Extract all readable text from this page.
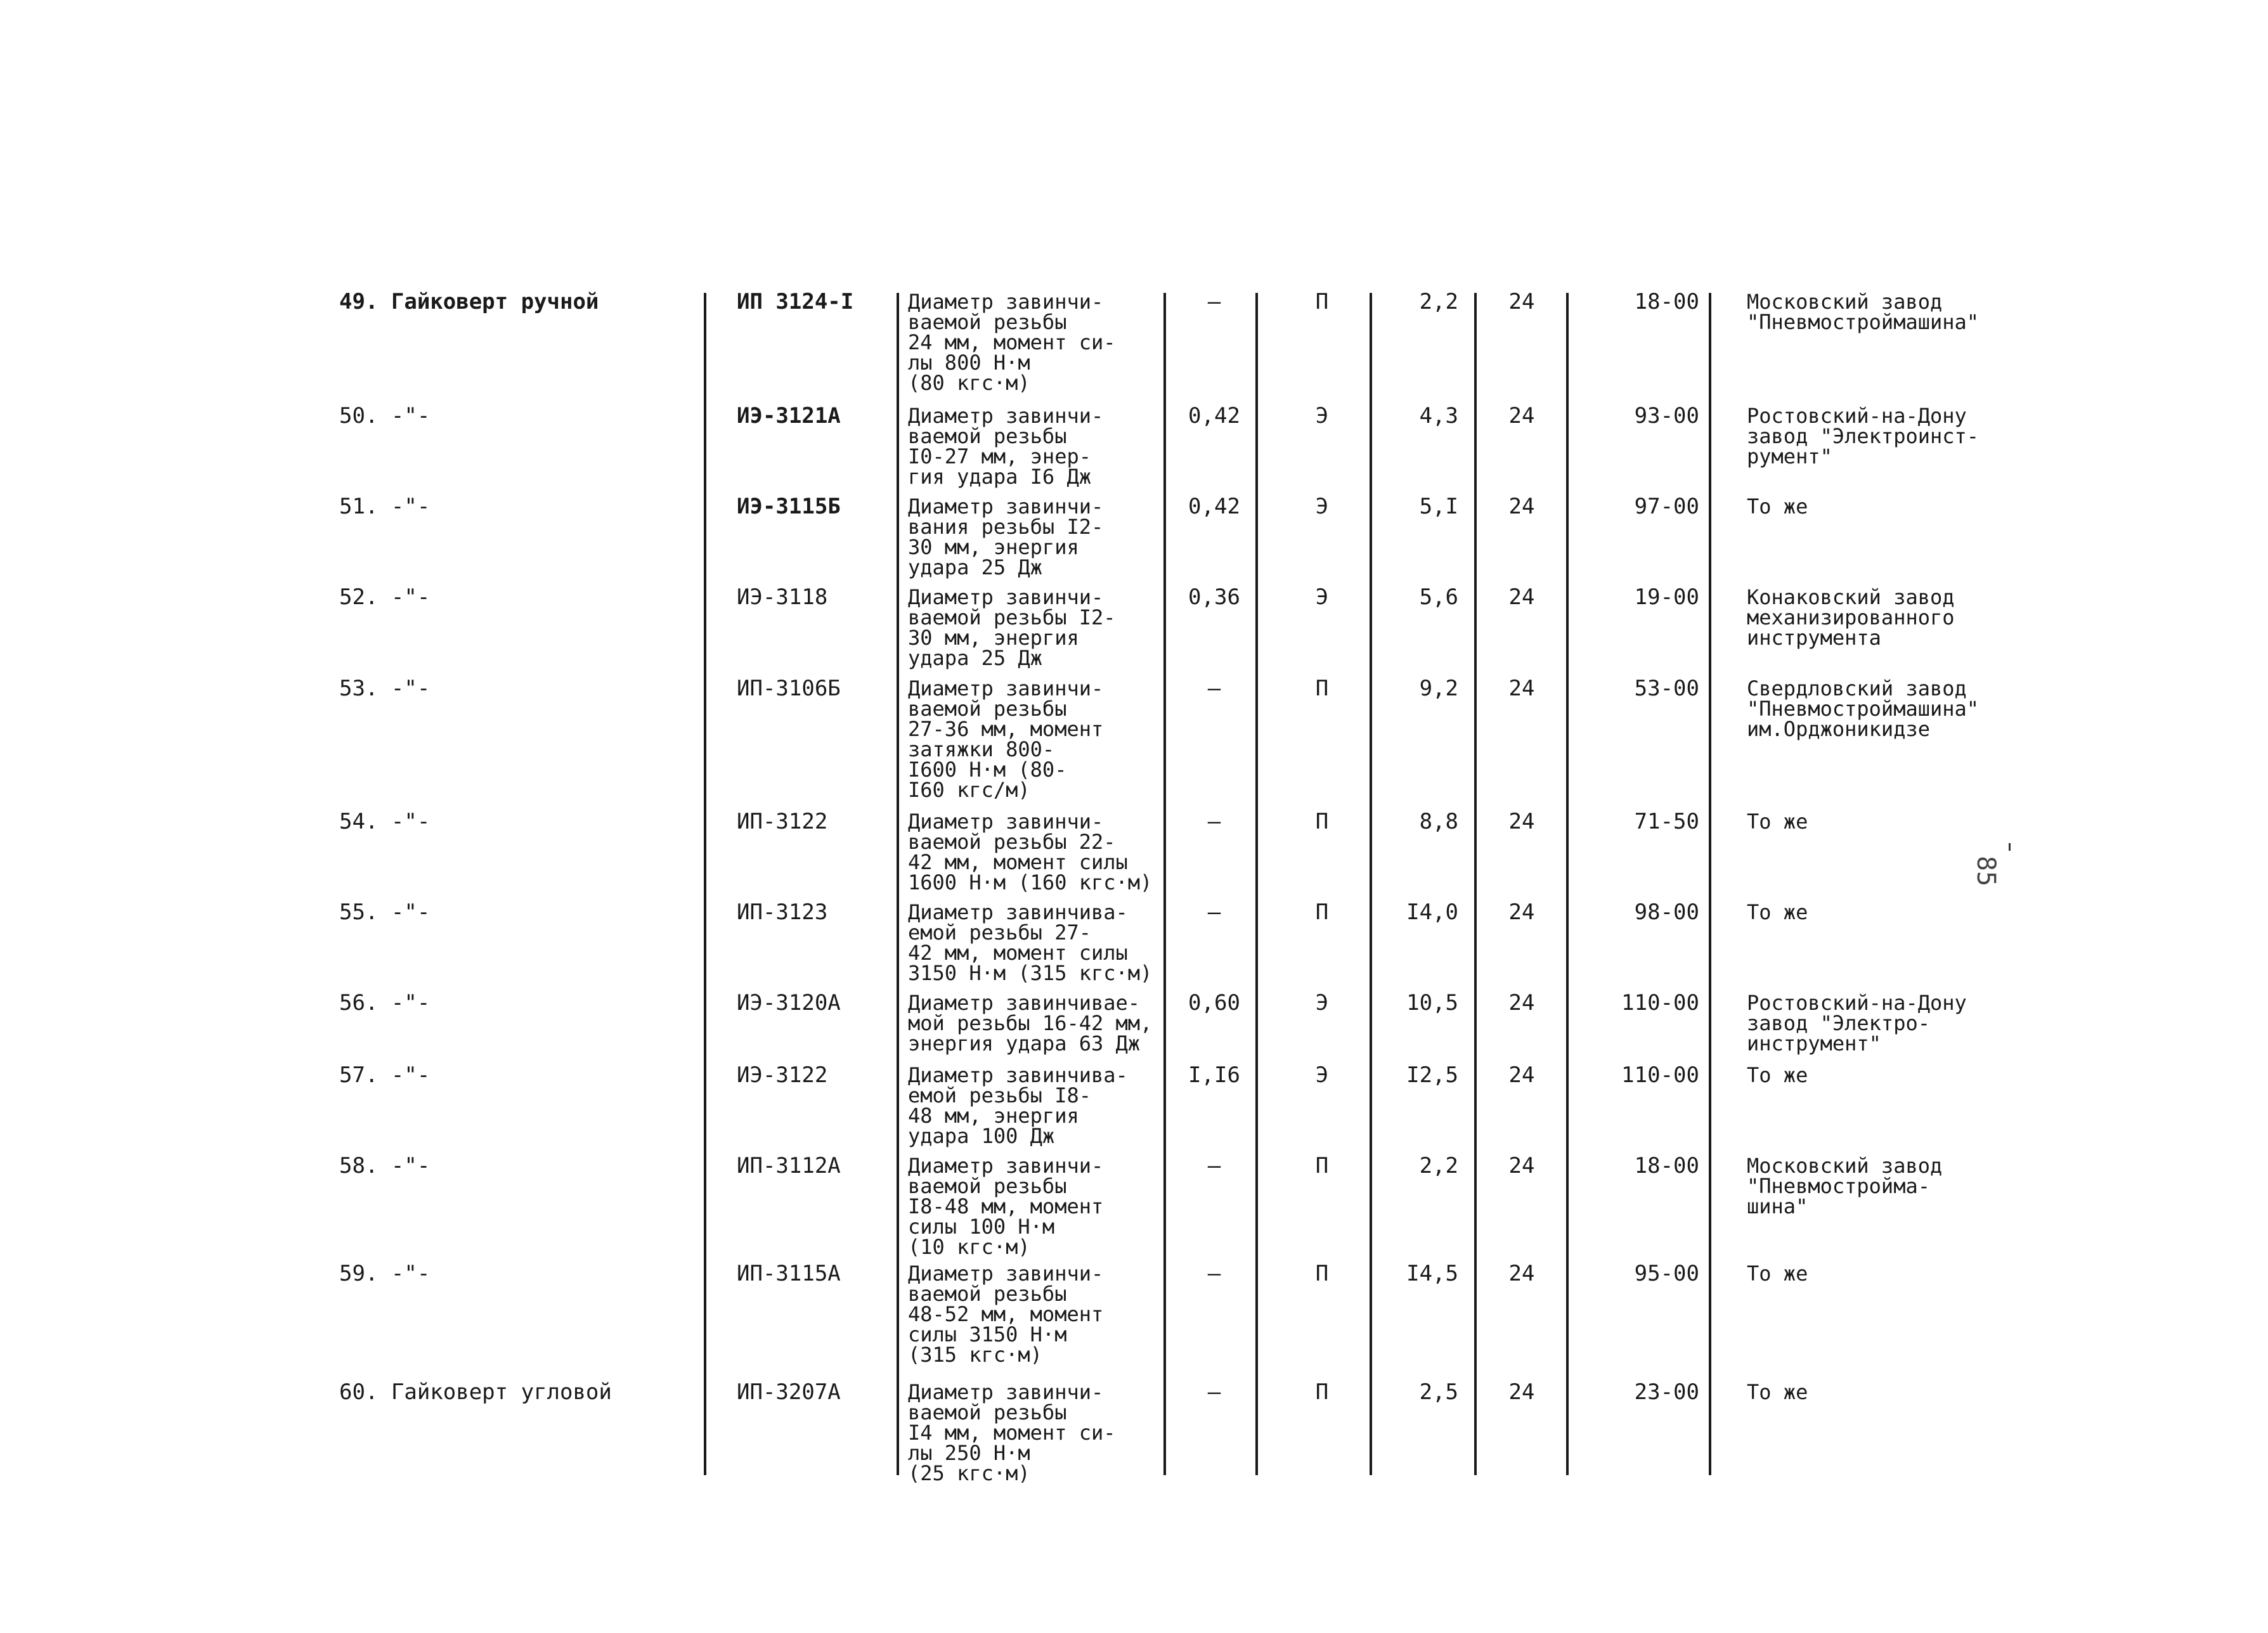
49. Гайковерт ручной	ИП 3124-I	Диаметр завинчи-
ваемой резьбы
24 мм, момент си-
лы 800 Н·м
(80 кгс·м)
–	П	2,2	24	18-00 Московский завод
"Пневмостроймашина"
50. -"-	ИЭ-3121А	Диаметр завинчи-
ваемой резьбы
I0-27 мм, энер-
гия удара I6 Дж
0,42	Э	4,3	24	93-00 Ростовский-на-Дону
завод "Электроинст-
румент"
51. -"-	ИЭ-3115Б	Диаметр завинчи-
вания резьбы I2-
30 мм, энергия
удара 25 Дж
0,42	Э	5,I	24	97-00 То же
52. -"-	ИЭ-3118	Диаметр завинчи-
ваемой резьбы I2-
30 мм, энергия
удара 25 Дж
0,36	Э	5,6	24	19-00 Конаковский завод
механизированного
инструмента
53. -"-	ИП-3106Б	Диаметр завинчи-
ваемой резьбы
27-36 мм, момент
затяжки 800-
I600 Н·м (80-
I60 кгс/м)
–	П	9,2	24	53-00 Свердловский завод
"Пневмостроймашина"
им.Орджоникидзе
54. -"-	ИП-3122	Диаметр завинчи-
ваемой резьбы 22-
42 мм, момент силы
1600 Н·м (160 кгс·м)
–	П	8,8	24	71-50 То же
55. -"-	ИП-3123	Диаметр завинчива-
емой резьбы 27-
42 мм, момент силы
3150 Н·м (315 кгс·м)
–	П	I4,0	24	98-00 То же
56. -"-	ИЭ-3120А	Диаметр завинчивае-
мой резьбы 16-42 мм,
энергия удара 63 Дж
0,60	Э	10,5	24	110-00 Ростовский-на-Дону
завод "Электро-
инструмент"
57. -"-	ИЭ-3122	Диаметр завинчива-
емой резьбы I8-
48 мм, энергия
удара 100 Дж
I,I6	Э	I2,5	24	110-00 То же
58. -"-	ИП-3112А	Диаметр завинчи-
ваемой резьбы
I8-48 мм, момент
силы 100 Н·м
(10 кгс·м)
–	П	2,2	24	18-00 Московский завод
"Пневмостроймa-
шина"
59. -"-	ИП-3115А	Диаметр завинчи-
ваемой резьбы
48-52 мм, момент
силы 3150 Н·м
(315 кгс·м)
–	П	I4,5	24	95-00 То же
60. Гайковерт угловой	ИП-3207А	Диаметр завинчи-
ваемой резьбы
I4 мм, момент си-
лы 250 Н·м
(25 кгс·м)
–	П	2,5	24	23-00 То же
85
